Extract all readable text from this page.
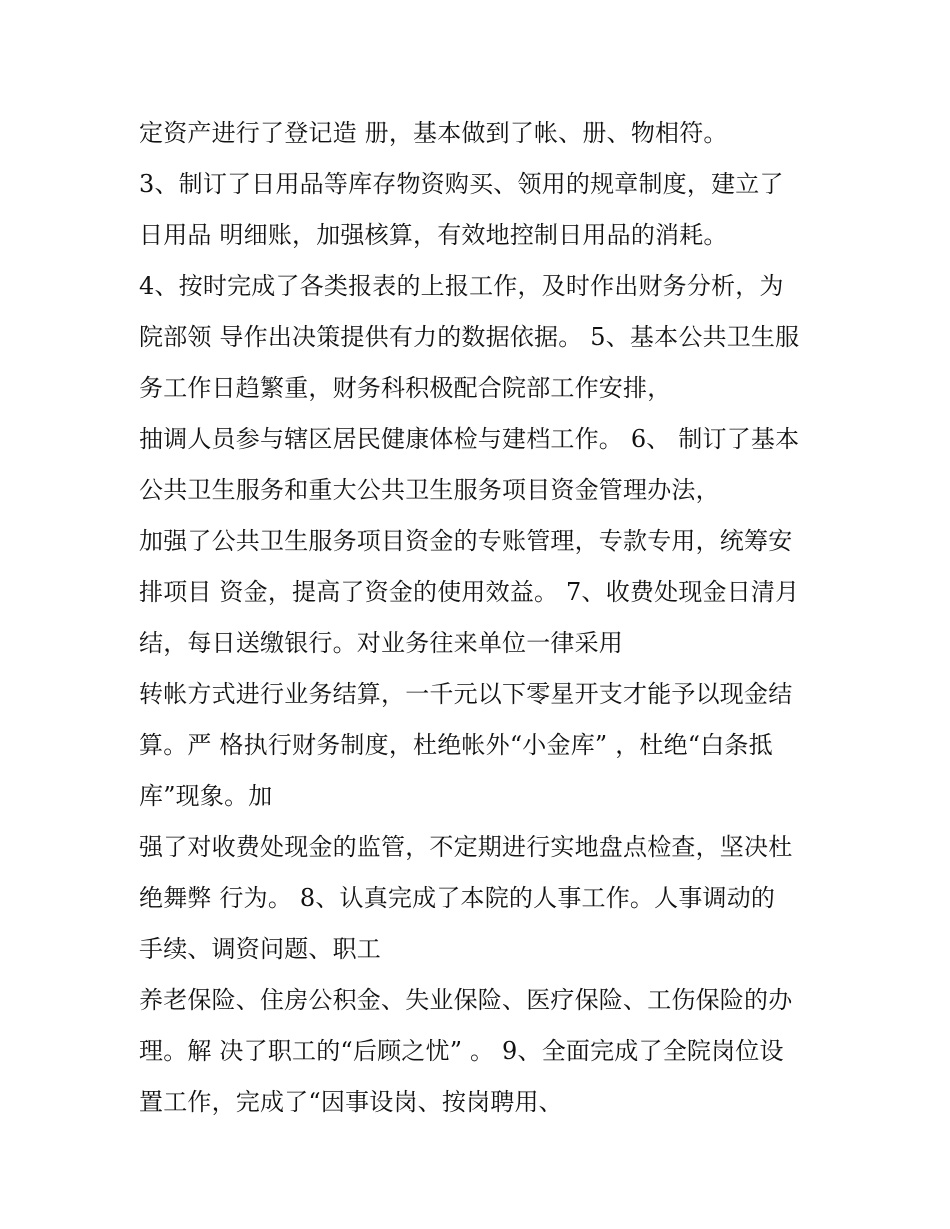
定资产进行了登记造 册，基本做到了帐、册、物相符。
3、制订了日用品等库存物资购买、领用的规章制度，建立了
日用品 明细账，加强核算，有效地控制日用品的消耗。
4、按时完成了各类报表的上报工作，及时作出财务分析，为
院部领 导作出决策提供有力的数据依据。 5、基本公共卫生服
务工作日趋繁重，财务科积极配合院部工作安排，
抽调人员参与辖区居民健康体检与建档工作。 6、 制订了基本
公共卫生服务和重大公共卫生服务项目资金管理办法，
加强了公共卫生服务项目资金的专账管理，专款专用，统筹安
排项目 资金，提高了资金的使用效益。 7、收费处现金日清月
结，每日送缴银行。对业务往来单位一律采用
转帐方式进行业务结算，一千元以下零星开支才能予以现金结
算。严 格执行财务制度，杜绝帐外“小金库” ，杜绝“白条抵
库”现象。加
强了对收费处现金的监管，不定期进行实地盘点检查，坚决杜
绝舞弊 行为。 8、认真完成了本院的人事工作。人事调动的
手续、调资问题、职工
养老保险、住房公积金、失业保险、医疗保险、工伤保险的办
理。解 决了职工的“后顾之忧” 。 9、全面完成了全院岗位设
置工作，完成了“因事设岗、按岗聘用、
